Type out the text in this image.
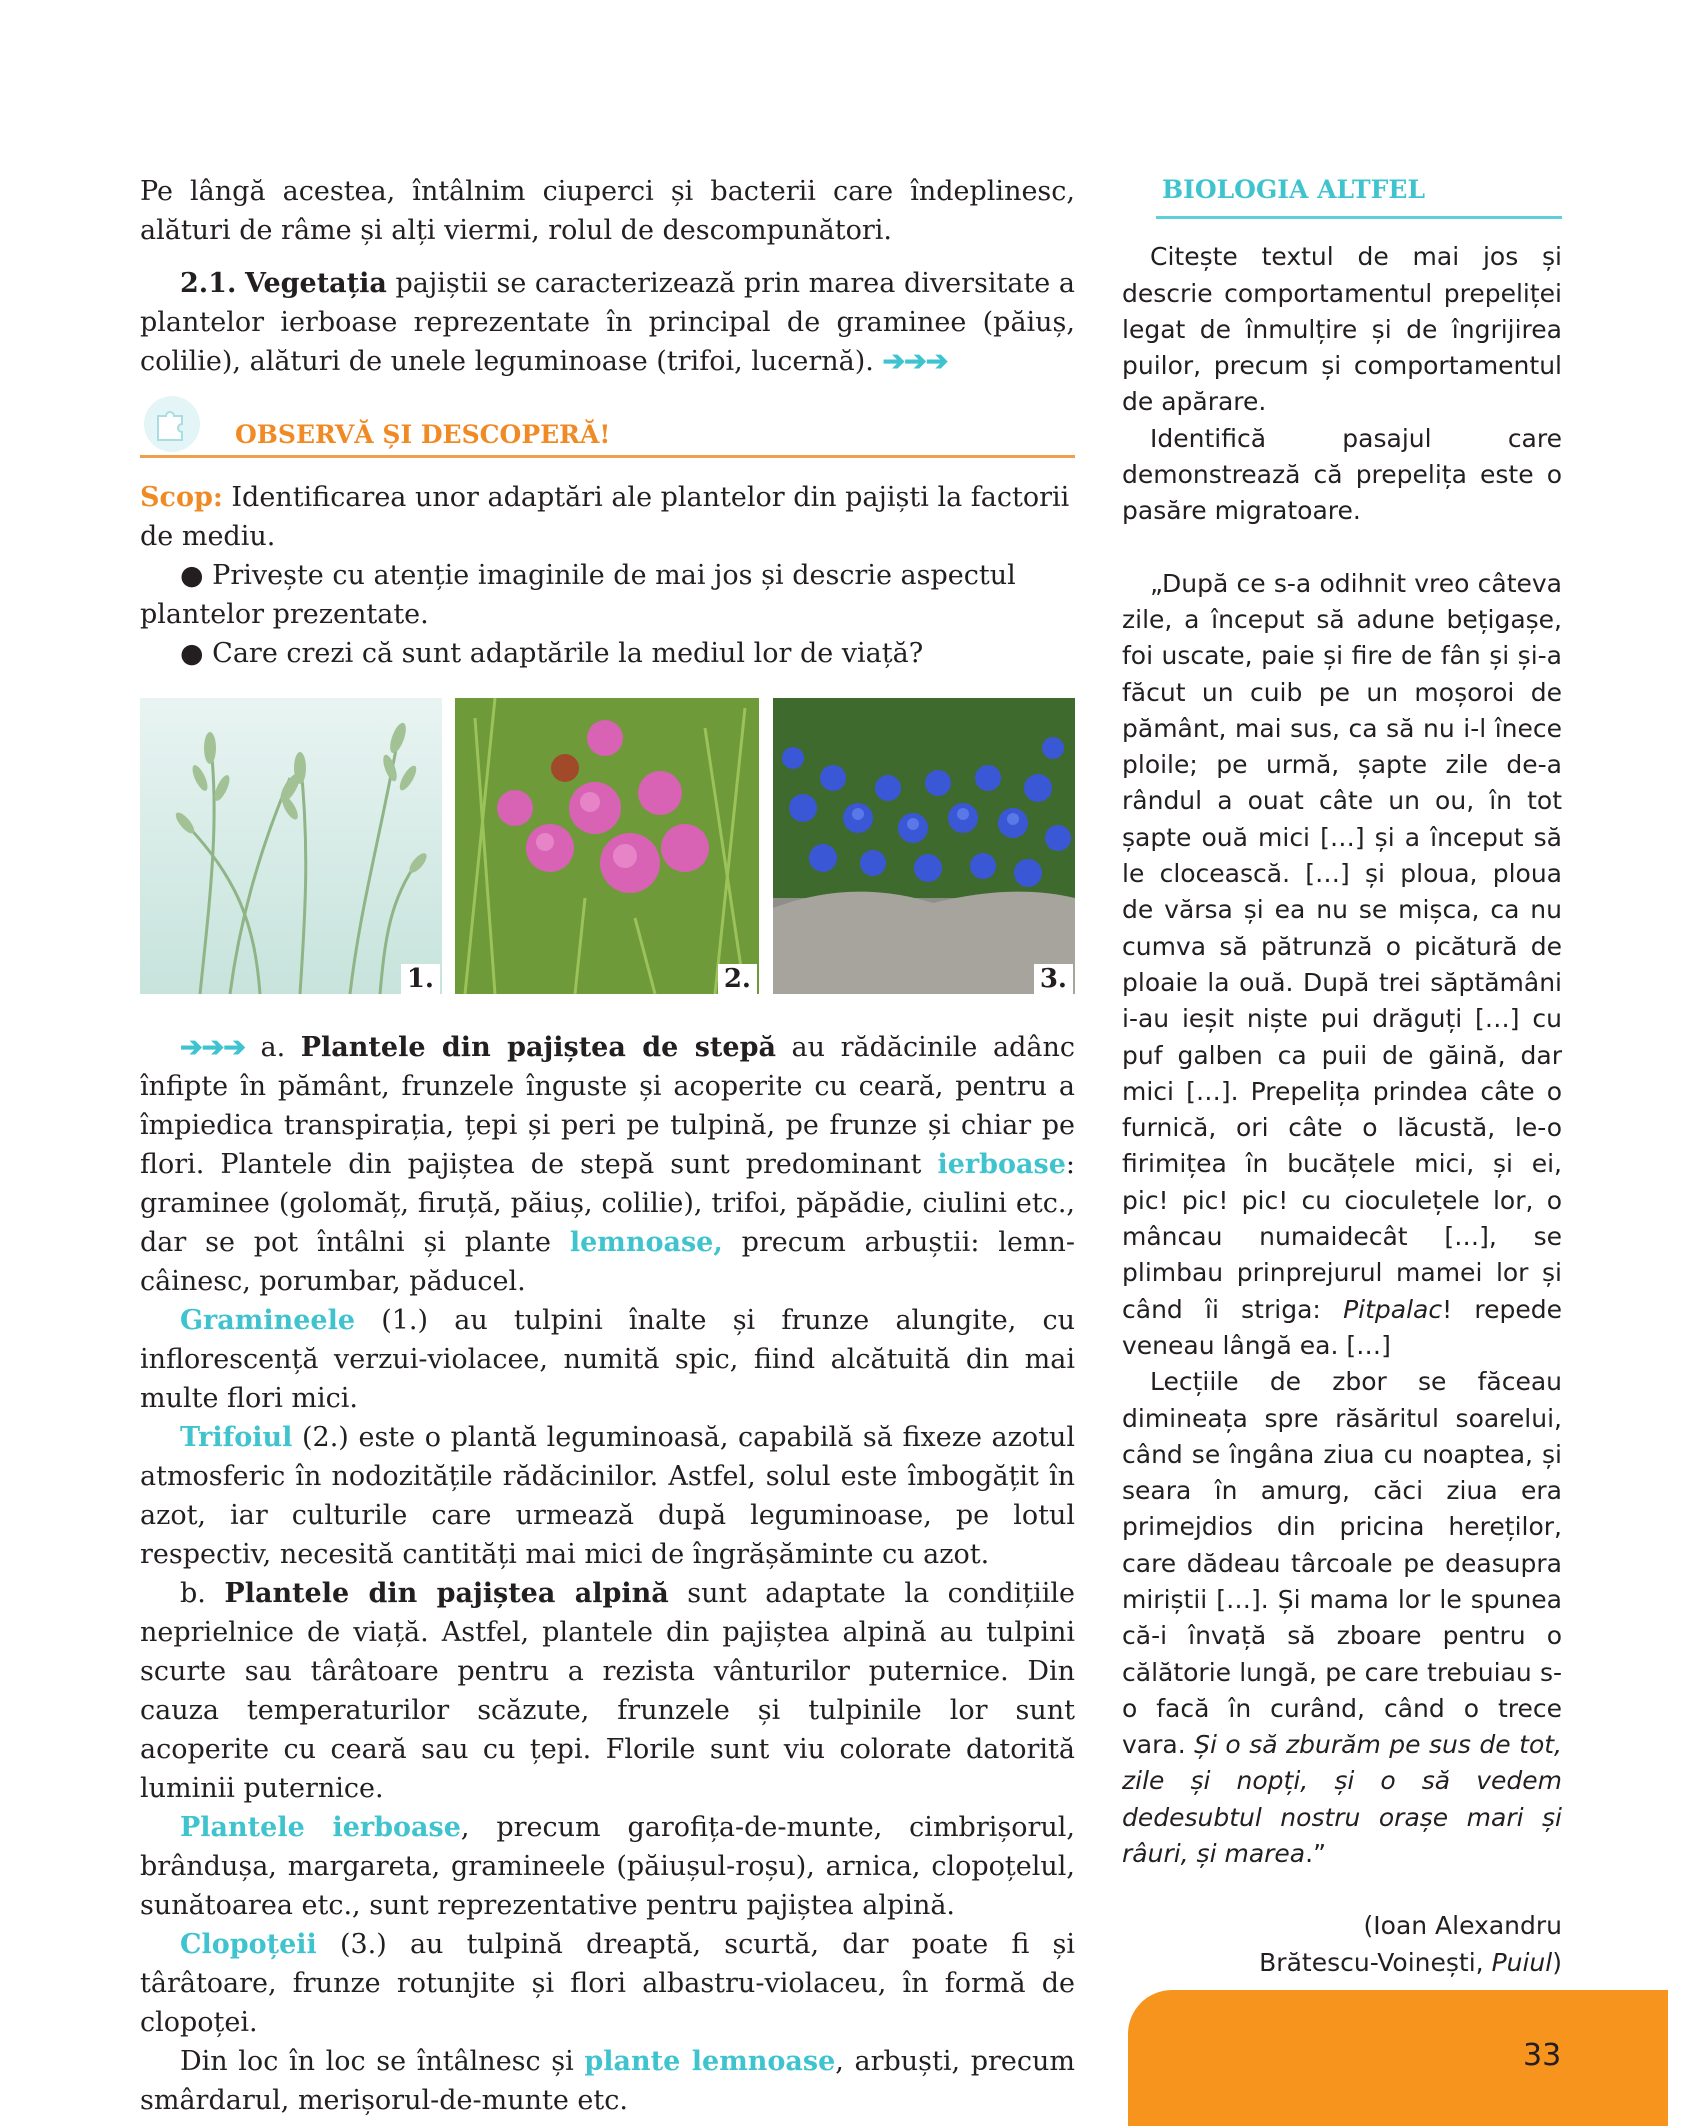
Pe lângă acestea, întâlnim ciuperci și bacterii care îndeplinesc, alături de râme și alți viermi, rolul de descompunători.

2.1. Vegetația pajiștii se caracterizează prin marea diversitate a plantelor ierboase reprezentate în principal de graminee (păiuș, colilie), alături de unele leguminoase (trifoi, lucernă). ➔➔➔

OBSERVĂ ȘI DESCOPERĂ!

Scop: Identificarea unor adaptări ale plantelor din pajiști la factorii de mediu.

● Privește cu atenție imaginile de mai jos și descrie aspectul plantelor prezentate.

● Care crezi că sunt adaptările la mediul lor de viață?

1.	2.	3.

➔➔➔ a. Plantele din pajiștea de stepă au rădăcinile adânc înfipte în pământ, frunzele înguste și acoperite cu ceară, pentru a împiedica transpirația, țepi și peri pe tulpină, pe frunze și chiar pe flori. Plantele din pajiștea de stepă sunt predominant ierboase: graminee (golomăț, firuță, păiuș, colilie), trifoi, păpădie, ciulini etc., dar se pot întâlni și plante lemnoase, precum arbuștii: lemn-câinesc, porumbar, păducel.

Gramineele (1.) au tulpini înalte și frunze alungite, cu inflorescență verzui-violacee, numită spic, fiind alcătuită din mai multe flori mici.

Trifoiul (2.) este o plantă leguminoasă, capabilă să fixeze azotul atmosferic în nodozitățile rădăcinilor. Astfel, solul este îmbogățit în azot, iar culturile care urmează după leguminoase, pe lotul respectiv, necesită cantități mai mici de îngrășăminte cu azot.

b. Plantele din pajiștea alpină sunt adaptate la condițiile neprielnice de viață. Astfel, plantele din pajiștea alpină au tulpini scurte sau târâtoare pentru a rezista vânturilor puternice. Din cauza temperaturilor scăzute, frunzele și tulpinile lor sunt acoperite cu ceară sau cu țepi. Florile sunt viu colorate datorită luminii puternice.

Plantele ierboase, precum garofița-de-munte, cimbrișorul, brândușa, margareta, gramineele (păiușul-roșu), arnica, clopoțelul, sunătoarea etc., sunt reprezentative pentru pajiștea alpină.

Clopoțeii (3.) au tulpină dreaptă, scurtă, dar poate fi și târâtoare, frunze rotunjite și flori albastru-violaceu, în formă de clopoței.

Din loc în loc se întâlnesc și plante lemnoase, arbuști, precum smârdarul, merișorul-de-munte etc.

BIOLOGIA ALTFEL

Citește textul de mai jos și descrie comportamentul prepeliței legat de înmulțire și de îngrijirea puilor, precum și comportamentul de apărare.

Identifică pasajul care demonstrează că prepelița este o pasăre migratoare.

„După ce s-a odihnit vreo câteva zile, a început să adune bețigașe, foi uscate, paie și fire de fân și și-a făcut un cuib pe un moșoroi de pământ, mai sus, ca să nu i-l înece ploile; pe urmă, șapte zile de-a rândul a ouat câte un ou, în tot șapte ouă mici […] și a început să le clocească. […] și ploua, ploua de vărsa și ea nu se mișca, ca nu cumva să pătrunză o picătură de ploaie la ouă. După trei săptămâni i-au ieșit niște pui drăguți […] cu puf galben ca puii de găină, dar mici […]. Prepelița prindea câte o furnică, ori câte o lăcustă, le-o firimițea în bucățele mici, și ei, pic! pic! pic! cu cioculețele lor, o mâncau numaidecât […], se plimbau prinprejurul mamei lor și când îi striga: Pitpalac! repede veneau lângă ea. […]

Lecțiile de zbor se făceau dimineața spre răsăritul soarelui, când se îngâna ziua cu noaptea, și seara în amurg, căci ziua era primejdios din pricina hereților, care dădeau târcoale pe deasupra miriștii […]. Și mama lor le spunea că-i învață să zboare pentru o călătorie lungă, pe care trebuiau s-o facă în curând, când o trece vara. Și o să zburăm pe sus de tot, zile și nopți, și o să vedem dedesubtul nostru orașe mari și râuri, și marea.”

(Ioan Alexandru

Brătescu-Voinești, Puiul)

33
